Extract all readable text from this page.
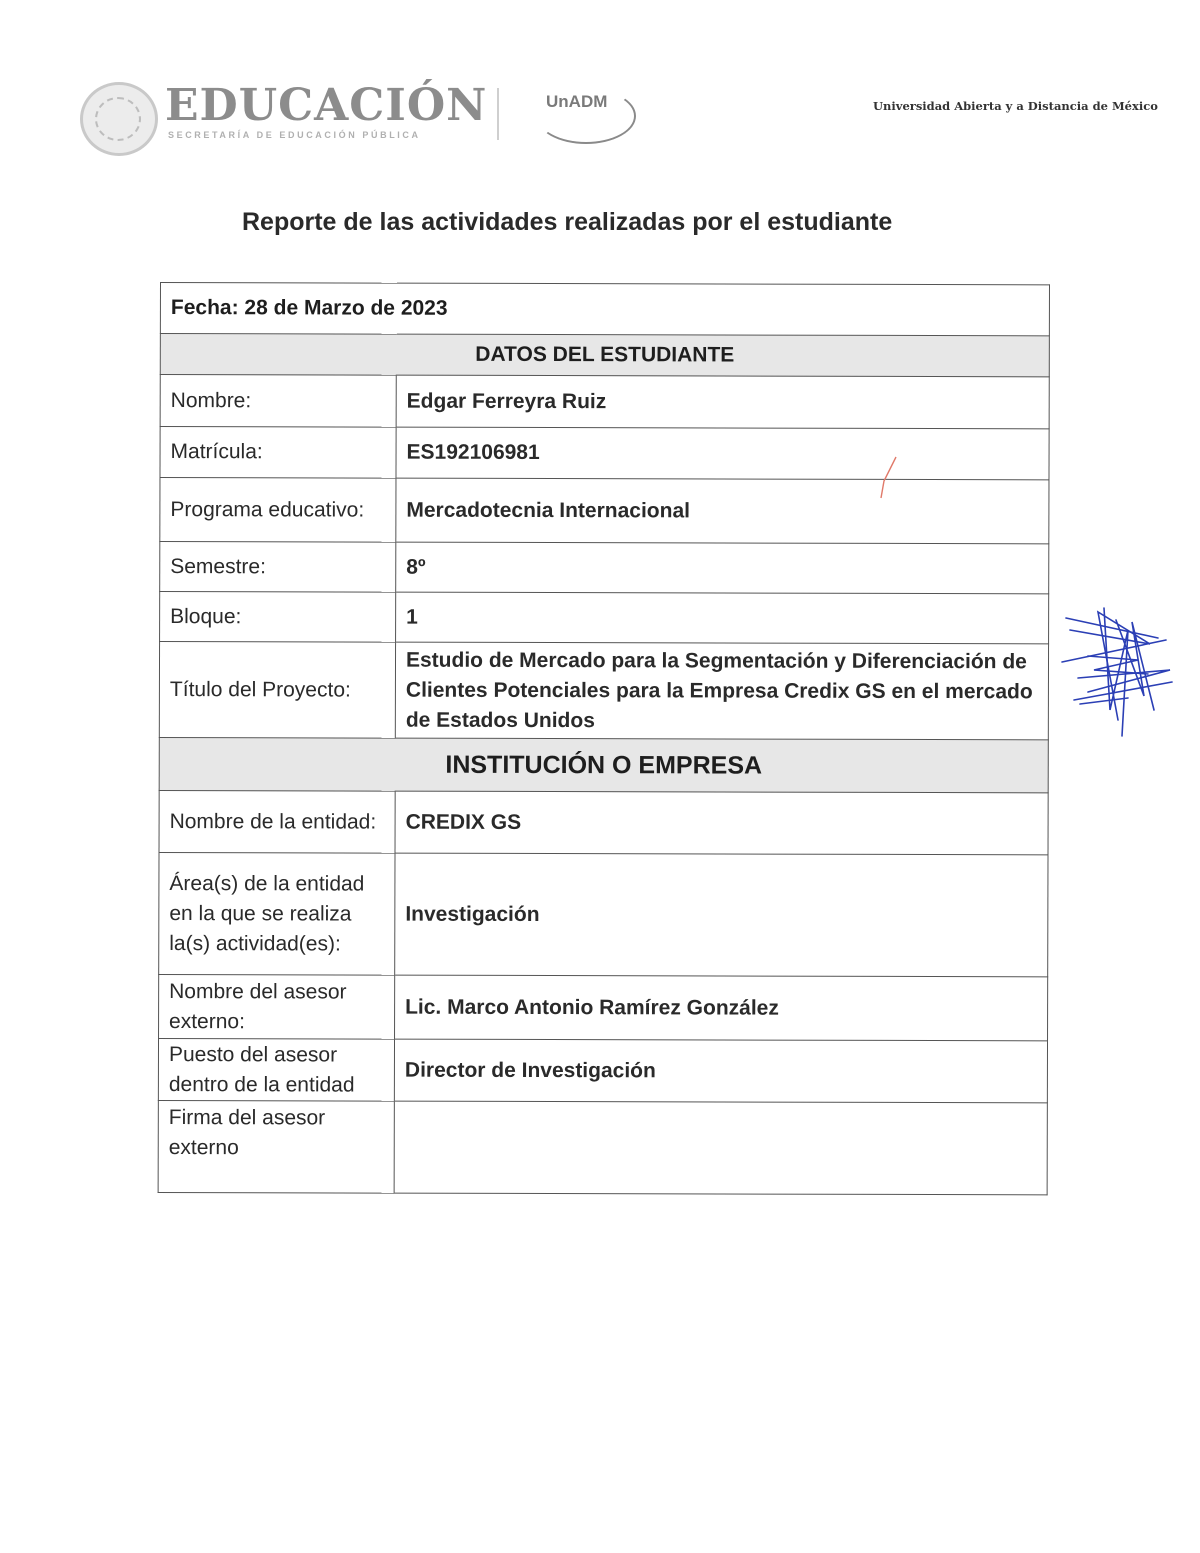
EDUCACIÓN
SECRETARÍA DE EDUCACIÓN PÚBLICA
UnADM	Universidad Abierta y a Distancia de México
Reporte de las actividades realizadas por el estudiante
Fecha: 28 de Marzo de 2023	
DATOS DEL ESTUDIANTE	
Nombre:	Edgar Ferreyra Ruiz
Matrícula:	ES192106981
Programa educativo:	Mercadotecnia Internacional
Semestre:	8º
Bloque:	1
Título del Proyecto:	Estudio de Mercado para la Segmentación y Diferenciación de Clientes Potenciales para la Empresa Credix GS en el mercado de Estados Unidos
INSTITUCIÓN O EMPRESA	
Nombre de la entidad:	CREDIX GS
Área(s) de la entidad en la que se realiza la(s) actividad(es):	Investigación
Nombre del asesor externo:	Lic. Marco Antonio Ramírez González
Puesto del asesor dentro de la entidad	Director de Investigación
Firma del asesor externo	
